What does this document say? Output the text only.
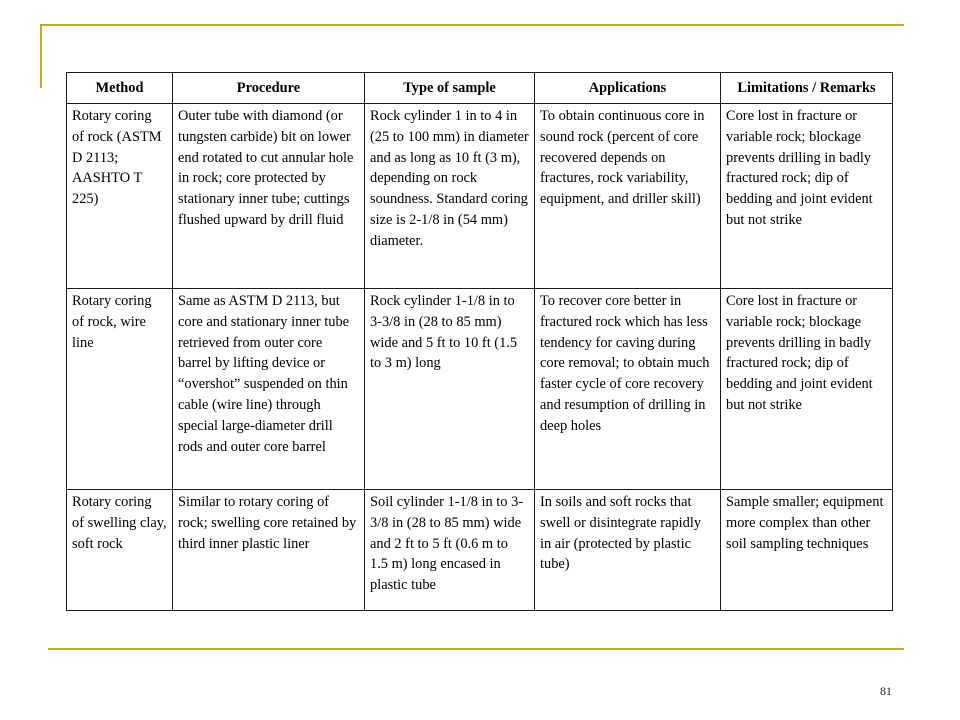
Method	Procedure	Type of sample	Applications	Limitations / Remarks
Rotary coring of rock (ASTM D 2113; AASHTO T 225)	Outer tube with diamond (or tungsten carbide) bit on lower end rotated to cut annular hole in rock; core protected by stationary inner tube; cuttings flushed upward by drill fluid	Rock cylinder 1 in to 4 in (25 to 100 mm) in diameter and as long as 10 ft (3 m), depending on rock soundness. Standard coring size is 2-1/8 in (54 mm) diameter.	To obtain continuous core in sound rock (percent of core recovered depends on fractures, rock variability, equipment, and driller skill)	Core lost in fracture or variable rock; blockage prevents drilling in badly fractured rock; dip of bedding and joint evident but not strike
Rotary coring of rock, wire line	Same as ASTM D 2113, but core and stationary inner tube retrieved from outer core barrel by lifting device or “overshot” suspended on thin cable (wire line) through special large-diameter drill rods and outer core barrel	Rock cylinder 1-1/8 in to 3-3/8 in (28 to 85 mm) wide and 5 ft to 10 ft (1.5 to 3 m) long	To recover core better in fractured rock which has less tendency for caving during core removal; to obtain much faster cycle of core recovery and resumption of drilling in deep holes	Core lost in fracture or variable rock; blockage prevents drilling in badly fractured rock; dip of bedding and joint evident but not strike
Rotary coring of swelling clay, soft rock	Similar to rotary coring of rock; swelling core retained by third inner plastic liner	Soil cylinder 1-1/8 in to 3-3/8 in (28 to 85 mm) wide and 2 ft to 5 ft (0.6 m to 1.5 m) long encased in plastic tube	In soils and soft rocks that swell or disintegrate rapidly in air (protected by plastic tube)	Sample smaller; equipment more complex than other soil sampling techniques
81
